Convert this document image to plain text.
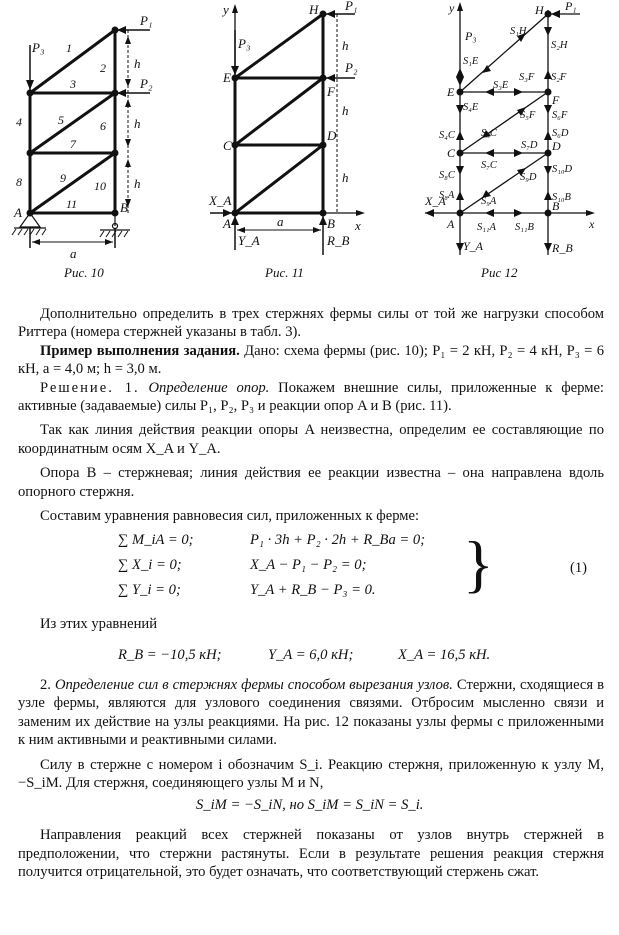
P₁
P₂
P₃
h
h
h
a
A	B
1
2
3
4	5	6
7
8	9
10
11
Рис. 10
y
x
H
E
F
C
D
A	B
P₁
P₂
P₃
X_A
Y_A	R_B
a
h
h
h
Рис. 11
y
x
H
E
F
C	D
A
B
P₁
P₃
X_A
Y_A	R_B
S₁H
S₂H
S₁E
S₃E
S₃F S₂F
S₄E
S₅F S₆F
S₄C S₅C
S₇D
S₆D
S₈C
S₇C
S₉D
S₁₀D
S₈A
S₉A	S₁₀B
S₁₁A S₁₁B
Рис 12

Дополнительно определить в трех стержнях фермы силы от той же нагрузки способом Риттера (номера стержней указаны в табл. 3).

Пример выполнения задания. Дано: схема фермы (рис. 10); P₁ = 2 кН, P₂ = 4 кН, P₃ = 6 кН, a = 4,0 м; h = 3,0 м.

Решение. 1. Определение опор. Покажем внешние силы, приложенные к ферме: активные (задаваемые) силы P₁, P₂, P₃ и реакции опор A и B (рис. 11).

Так как линия действия реакции опоры A неизвестна, определим ее составляющие по координатным осям X_A и Y_A.

Опора B – стержневая; линия действия ее реакции известна – она направлена вдоль опорного стержня.

Составим уравнения равновесия сил, приложенных к ферме:

∑ M_iA = 0;	P₁ · 3h + P₂ · 2h + R_Ba = 0;
∑ X_i = 0;	X_A − P₁ − P₂ = 0;
∑ Y_i = 0;	Y_A + R_B − P₃ = 0. }	(1)

Из этих уравнений

R_B = −10,5 кН;	Y_A = 6,0 кН;	X_A = 16,5 кН.

2. Определение сил в стержнях фермы способом вырезания узлов. Стержни, сходящиеся в узле фермы, являются для узлового соединения связями. Отбросим мысленно связи и заменим их действие на узлы реакциями. На рис. 12 показаны узлы фермы с приложенными к ним активными и реактивными силами.

Силу в стержне с номером i обозначим S_i. Реакцию стержня, приложенную к узлу M, −S_iM. Для стержня, соединяющего узлы M и N,

S_iM = −S_iN, но S_iM = S_iN = S_i.

Направления реакций всех стержней показаны от узлов внутрь стержней в предположении, что стержни растянуты. Если в результате решения реакция стержня получится отрицательной, это будет означать, что соответствующий стержень сжат.
